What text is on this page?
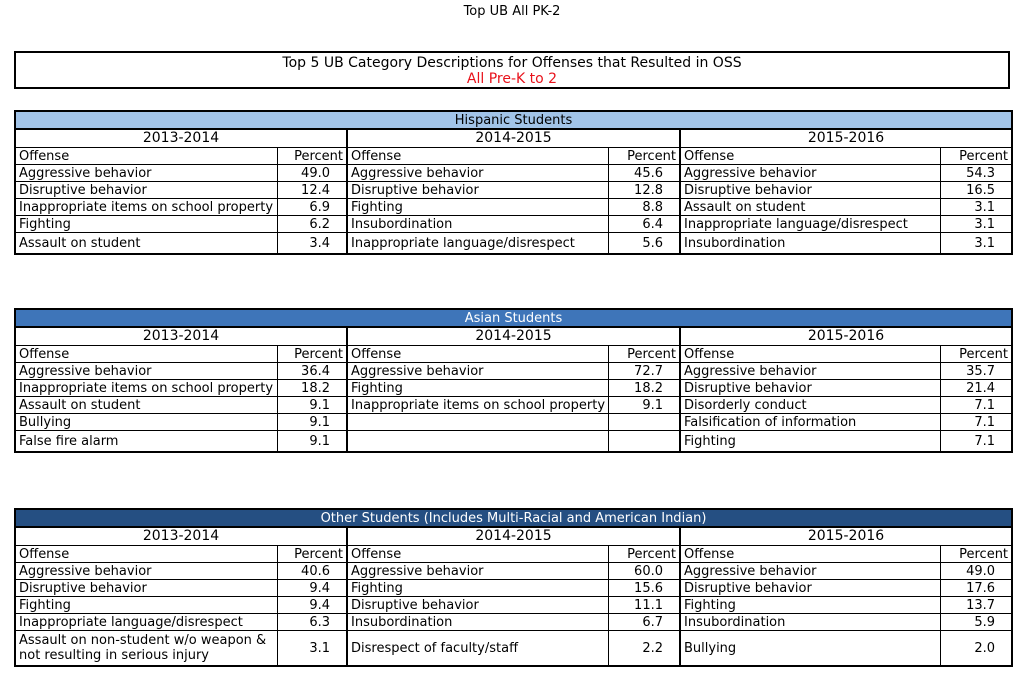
Top UB All PK-2
Top 5 UB Category Descriptions for Offenses that Resulted in OSS
All Pre-K to 2
Hispanic Students					
2013-2014		2014-2015		2015-2016	
Offense	Percent	Offense	Percent	Offense	Percent
Aggressive behavior	49.0	Aggressive behavior	45.6	Aggressive behavior	54.3
Disruptive behavior	12.4	Disruptive behavior	12.8	Disruptive behavior	16.5
Inappropriate items on school property	6.9	Fighting	8.8	Assault on student	3.1
Fighting	6.2	Insubordination	6.4	Inappropriate language/disrespect	3.1
Assault on student	3.4	Inappropriate language/disrespect	5.6	Insubordination	3.1
Asian Students					
2013-2014		2014-2015		2015-2016	
Offense	Percent	Offense	Percent	Offense	Percent
Aggressive behavior	36.4	Aggressive behavior	72.7	Aggressive behavior	35.7
Inappropriate items on school property	18.2	Fighting	18.2	Disruptive behavior	21.4
Assault on student	9.1	Inappropriate items on school property	9.1	Disorderly conduct	7.1
Bullying	9.1			Falsification of information	7.1
False fire alarm	9.1			Fighting	7.1
Other Students (Includes Multi-Racial and American Indian)					
2013-2014		2014-2015		2015-2016	
Offense	Percent	Offense	Percent	Offense	Percent
Aggressive behavior	40.6	Aggressive behavior	60.0	Aggressive behavior	49.0
Disruptive behavior	9.4	Fighting	15.6	Disruptive behavior	17.6
Fighting	9.4	Disruptive behavior	11.1	Fighting	13.7
Inappropriate language/disrespect	6.3	Insubordination	6.7	Insubordination	5.9
Assault on non-student w/o weapon & not resulting in serious injury	3.1	Disrespect of faculty/staff	2.2	Bullying	2.0
